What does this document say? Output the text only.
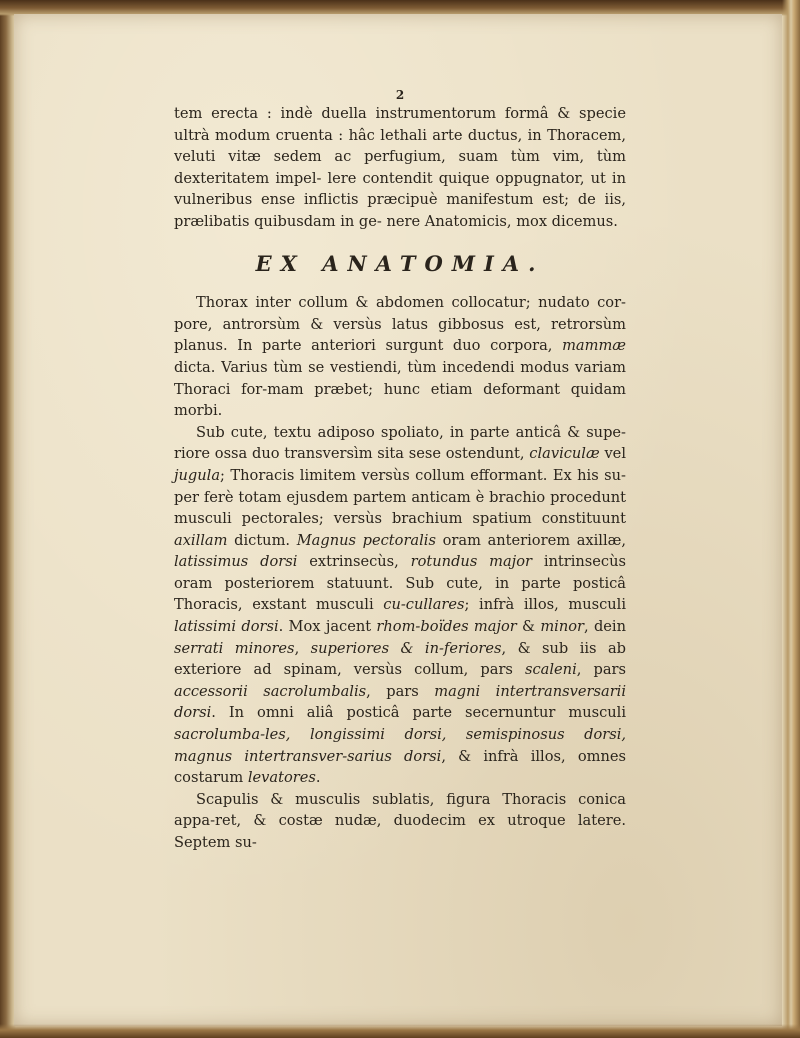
2

tem erecta : indè duella instrumentorum formâ & specie ultrà modum cruenta : hâc lethali arte ductus, in Thoracem, veluti vitæ sedem ac perfugium, suam tùm vim, tùm dexteritatem impel- lere contendit quique oppugnator, ut in vulneribus ense inflictis præcipuè manifestum est; de iis, prælibatis quibusdam in ge- nere Anatomicis, mox dicemus.

EX ANATOMIA.

Thorax inter collum & abdomen collocatur; nudato cor-pore, antrorsùm & versùs latus gibbosus est, retrorsùm planus. In parte anteriori surgunt duo corpora, mammæ dicta. Varius tùm se vestiendi, tùm incedendi modus variam Thoraci for-mam præbet; hunc etiam deformant quidam morbi.

Sub cute, textu adiposo spoliato, in parte anticâ & supe-riore ossa duo transversìm sita sese ostendunt, claviculæ vel jugula; Thoracis limitem versùs collum efformant. Ex his su-per ferè totam ejusdem partem anticam è brachio procedunt musculi pectorales; versùs brachium spatium constituunt axillam dictum. Magnus pectoralis oram anteriorem axillæ, latissimus dorsi extrinsecùs, rotundus major intrinsecùs oram posteriorem statuunt. Sub cute, in parte posticâ Thoracis, exstant musculi cu-cullares; infrà illos, musculi latissimi dorsi. Mox jacent rhom-boïdes major & minor, dein serrati minores, superiores & in-feriores, & sub iis ab exteriore ad spinam, versùs collum, pars scaleni, pars accessorii sacrolumbalis, pars magni intertransversarii dorsi. In omni aliâ posticâ parte secernuntur musculi sacrolumba-les, longissimi dorsi, semispinosus dorsi, magnus intertransver-sarius dorsi, & infrà illos, omnes costarum levatores.

Scapulis & musculis sublatis, figura Thoracis conica appa-ret, & costæ nudæ, duodecim ex utroque latere. Septem su-
